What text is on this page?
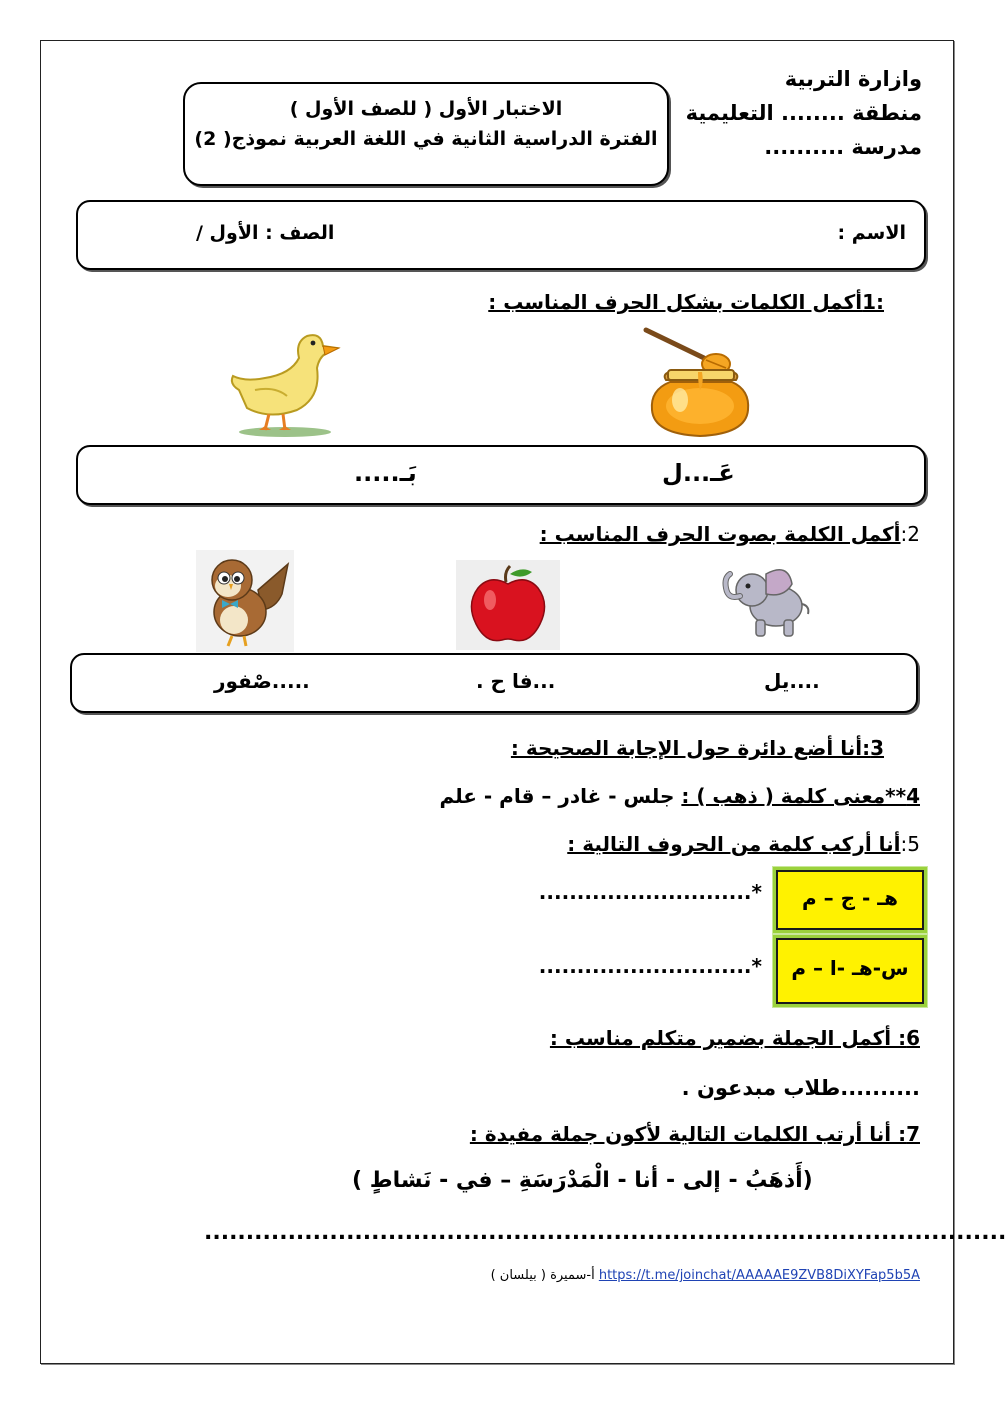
وازارة التربية
منطقة ........ التعليمية
مدرسة ..........
الاختبار الأول ( للصف الأول )
الفترة الدراسية الثانية في اللغة العربية نموذج( 2)
الاسم :
الصف : الأول /
:1أكمل الكلمات بشكل الحرف المناسب :
عَـ...ل
بَـ.....
2:أكمل الكلمة بصوت الحرف المناسب :
....يل
...فا ح .
.....صْفور
3:أنا أضع دائرة حول الإجابة الصحيحة :
4**معنى كلمة ( ذهب ) : جلس - غادر – قام - علم
5:أنا أركب كلمة من الحروف التالية :
هـ - ج – م
*............................
س-هـ -ا – م
*............................
6: أكمل الجملة بضمير متكلم مناسب :
..........طلاب مبدعون .
7: أنا أرتب الكلمات التالية لأكون جملة مفيدة :
(أَذهَبُ - إلى - أنا - الْمَدْرَسَةِ – في - نَشاطٍ )
................................................................................................
أ-سميرة ( بيلسان ) https://t.me/joinchat/AAAAAE9ZVB8DiXYFap5b5A
